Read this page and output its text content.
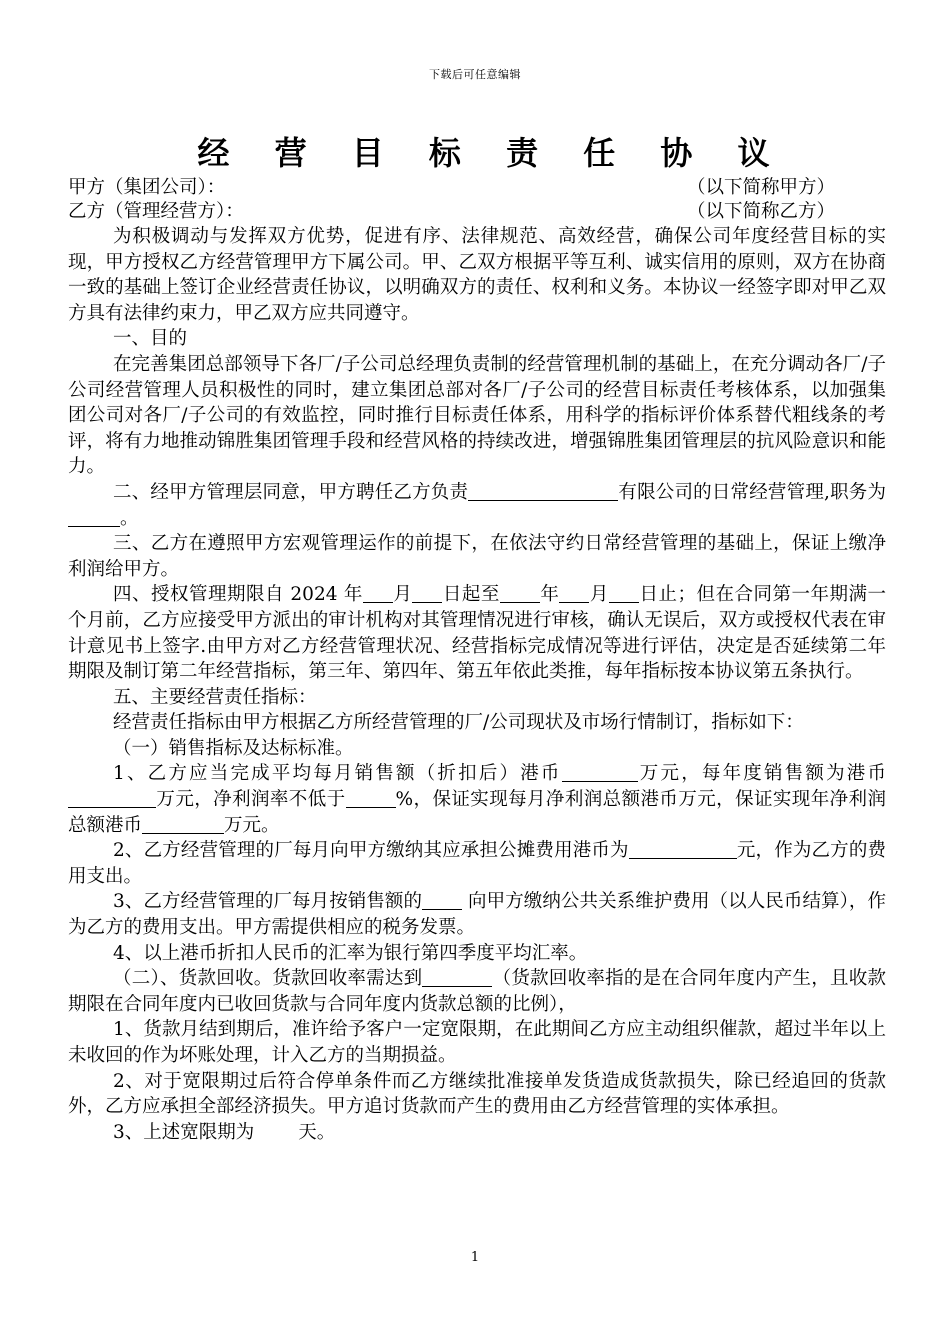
下载后可任意编辑
经 营 目 标 责 任 协 议
甲方（集团公司）：	（以下简称甲方）
乙方（管理经营方）：	（以下简称乙方）

为积极调动与发挥双方优势，促进有序、法律规范、高效经营，确保公司年度经营目标的实现，甲方授权乙方经营管理甲方下属公司。甲、乙双方根据平等互利、诚实信用的原则，双方在协商一致的基础上签订企业经营责任协议，以明确双方的责任、权利和义务。本协议一经签字即对甲乙双方具有法律约束力，甲乙双方应共同遵守。

一、目的

在完善集团总部领导下各厂/子公司总经理负责制的经营管理机制的基础上，在充分调动各厂/子公司经营管理人员积极性的同时，建立集团总部对各厂/子公司的经营目标责任考核体系，以加强集团公司对各厂/子公司的有效监控，同时推行目标责任体系，用科学的指标评价体系替代粗线条的考评，将有力地推动锦胜集团管理手段和经营风格的持续改进，增强锦胜集团管理层的抗风险意识和能力。

二、经甲方管理层同意，甲方聘任乙方负责	有限公司的日常经营管理,职务为。

三、乙方在遵照甲方宏观管理运作的前提下，在依法守约日常经营管理的基础上，保证上缴净利润给甲方。

四、授权管理期限自 2024 年 月 日起至 年 月 日止；但在合同第一年期满一个月前，乙方应接受甲方派出的审计机构对其管理情况进行审核，确认无误后，双方或授权代表在审计意见书上签字.由甲方对乙方经营管理状况、经营指标完成情况等进行评估，决定是否延续第二年期限及制订第二年经营指标，第三年、第四年、第五年依此类推，每年指标按本协议第五条执行。

五、主要经营责任指标：

经营责任指标由甲方根据乙方所经营管理的厂/公司现状及市场行情制订，指标如下：

（一）销售指标及达标标准。

1、乙方应当完成平均每月销售额（折扣后）港币	万元，每年度销售额为港币万元，净利润率不低于	%，保证实现每月净利润总额港币万元，保证实现年净利润总额港币	万元。

2、乙方经营管理的厂每月向甲方缴纳其应承担公摊费用港币为	元，作为乙方的费用支出。

3、乙方经营管理的厂每月按销售额的 向甲方缴纳公共关系维护费用（以人民币结算），作为乙方的费用支出。甲方需提供相应的税务发票。

4、以上港币折扣人民币的汇率为银行第四季度平均汇率。

（二）、货款回收。货款回收率需达到	（货款回收率指的是在合同年度内产生，且收款期限在合同年度内已收回货款与合同年度内货款总额的比例），

1、货款月结到期后，准许给予客户一定宽限期，在此期间乙方应主动组织催款，超过半年以上未收回的作为坏账处理，计入乙方的当期损益。

2、对于宽限期过后符合停单条件而乙方继续批准接单发货造成货款损失，除已经追回的货款外，乙方应承担全部经济损失。甲方追讨货款而产生的费用由乙方经营管理的实体承担。

3、上述宽限期为 天。

1
